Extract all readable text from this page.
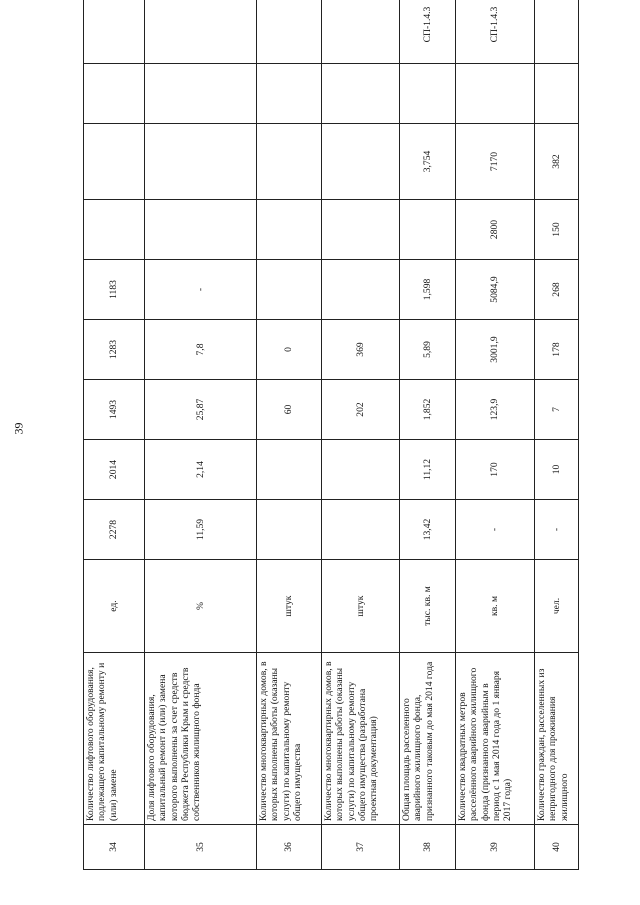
39
34	Количество лифтового оборудования, подлежащего капитальному ремонту и (или) замене	ед.	2278	2014	1493	1283	1183				
35	Доля лифтового оборудования, капитальный ремонт и (или) замена которого выполнены за счет средств бюджета Республики Крым и средств собственников жилищного фонда	%	11,59	2,14	25,87	7,8	-				
36	Количество многоквартирных домов, в которых выполнены работы (оказаны услуги) по капитальному ремонту общего имущества	штук			60	0					
37	Количество многоквартирных домов, в которых выполнены работы (оказаны услуги) по капитальному ремонту общего имущества (разработана проектная документация)	штук			202	369					
38	Общая площадь расселенного аварийного жилищного фонда, признанного таковым до мая 2014 года	тыс. кв. м	13,42	11,12	1,852	5,89	1,598		3,754		СП-1.4.3
39	Количество квадратных метров расселённого аварийного жилищного фонда (признанного аварийным в период с 1 мая 2014 года до 1 января 2017 года)	кв. м	-	170	123,9	3001,9	5084,9	2800	7170		СП-1.4.3
40	Количество граждан, расселенных из непригодного для проживания жилищного	чел.	-	10	7	178	268	150	382		
